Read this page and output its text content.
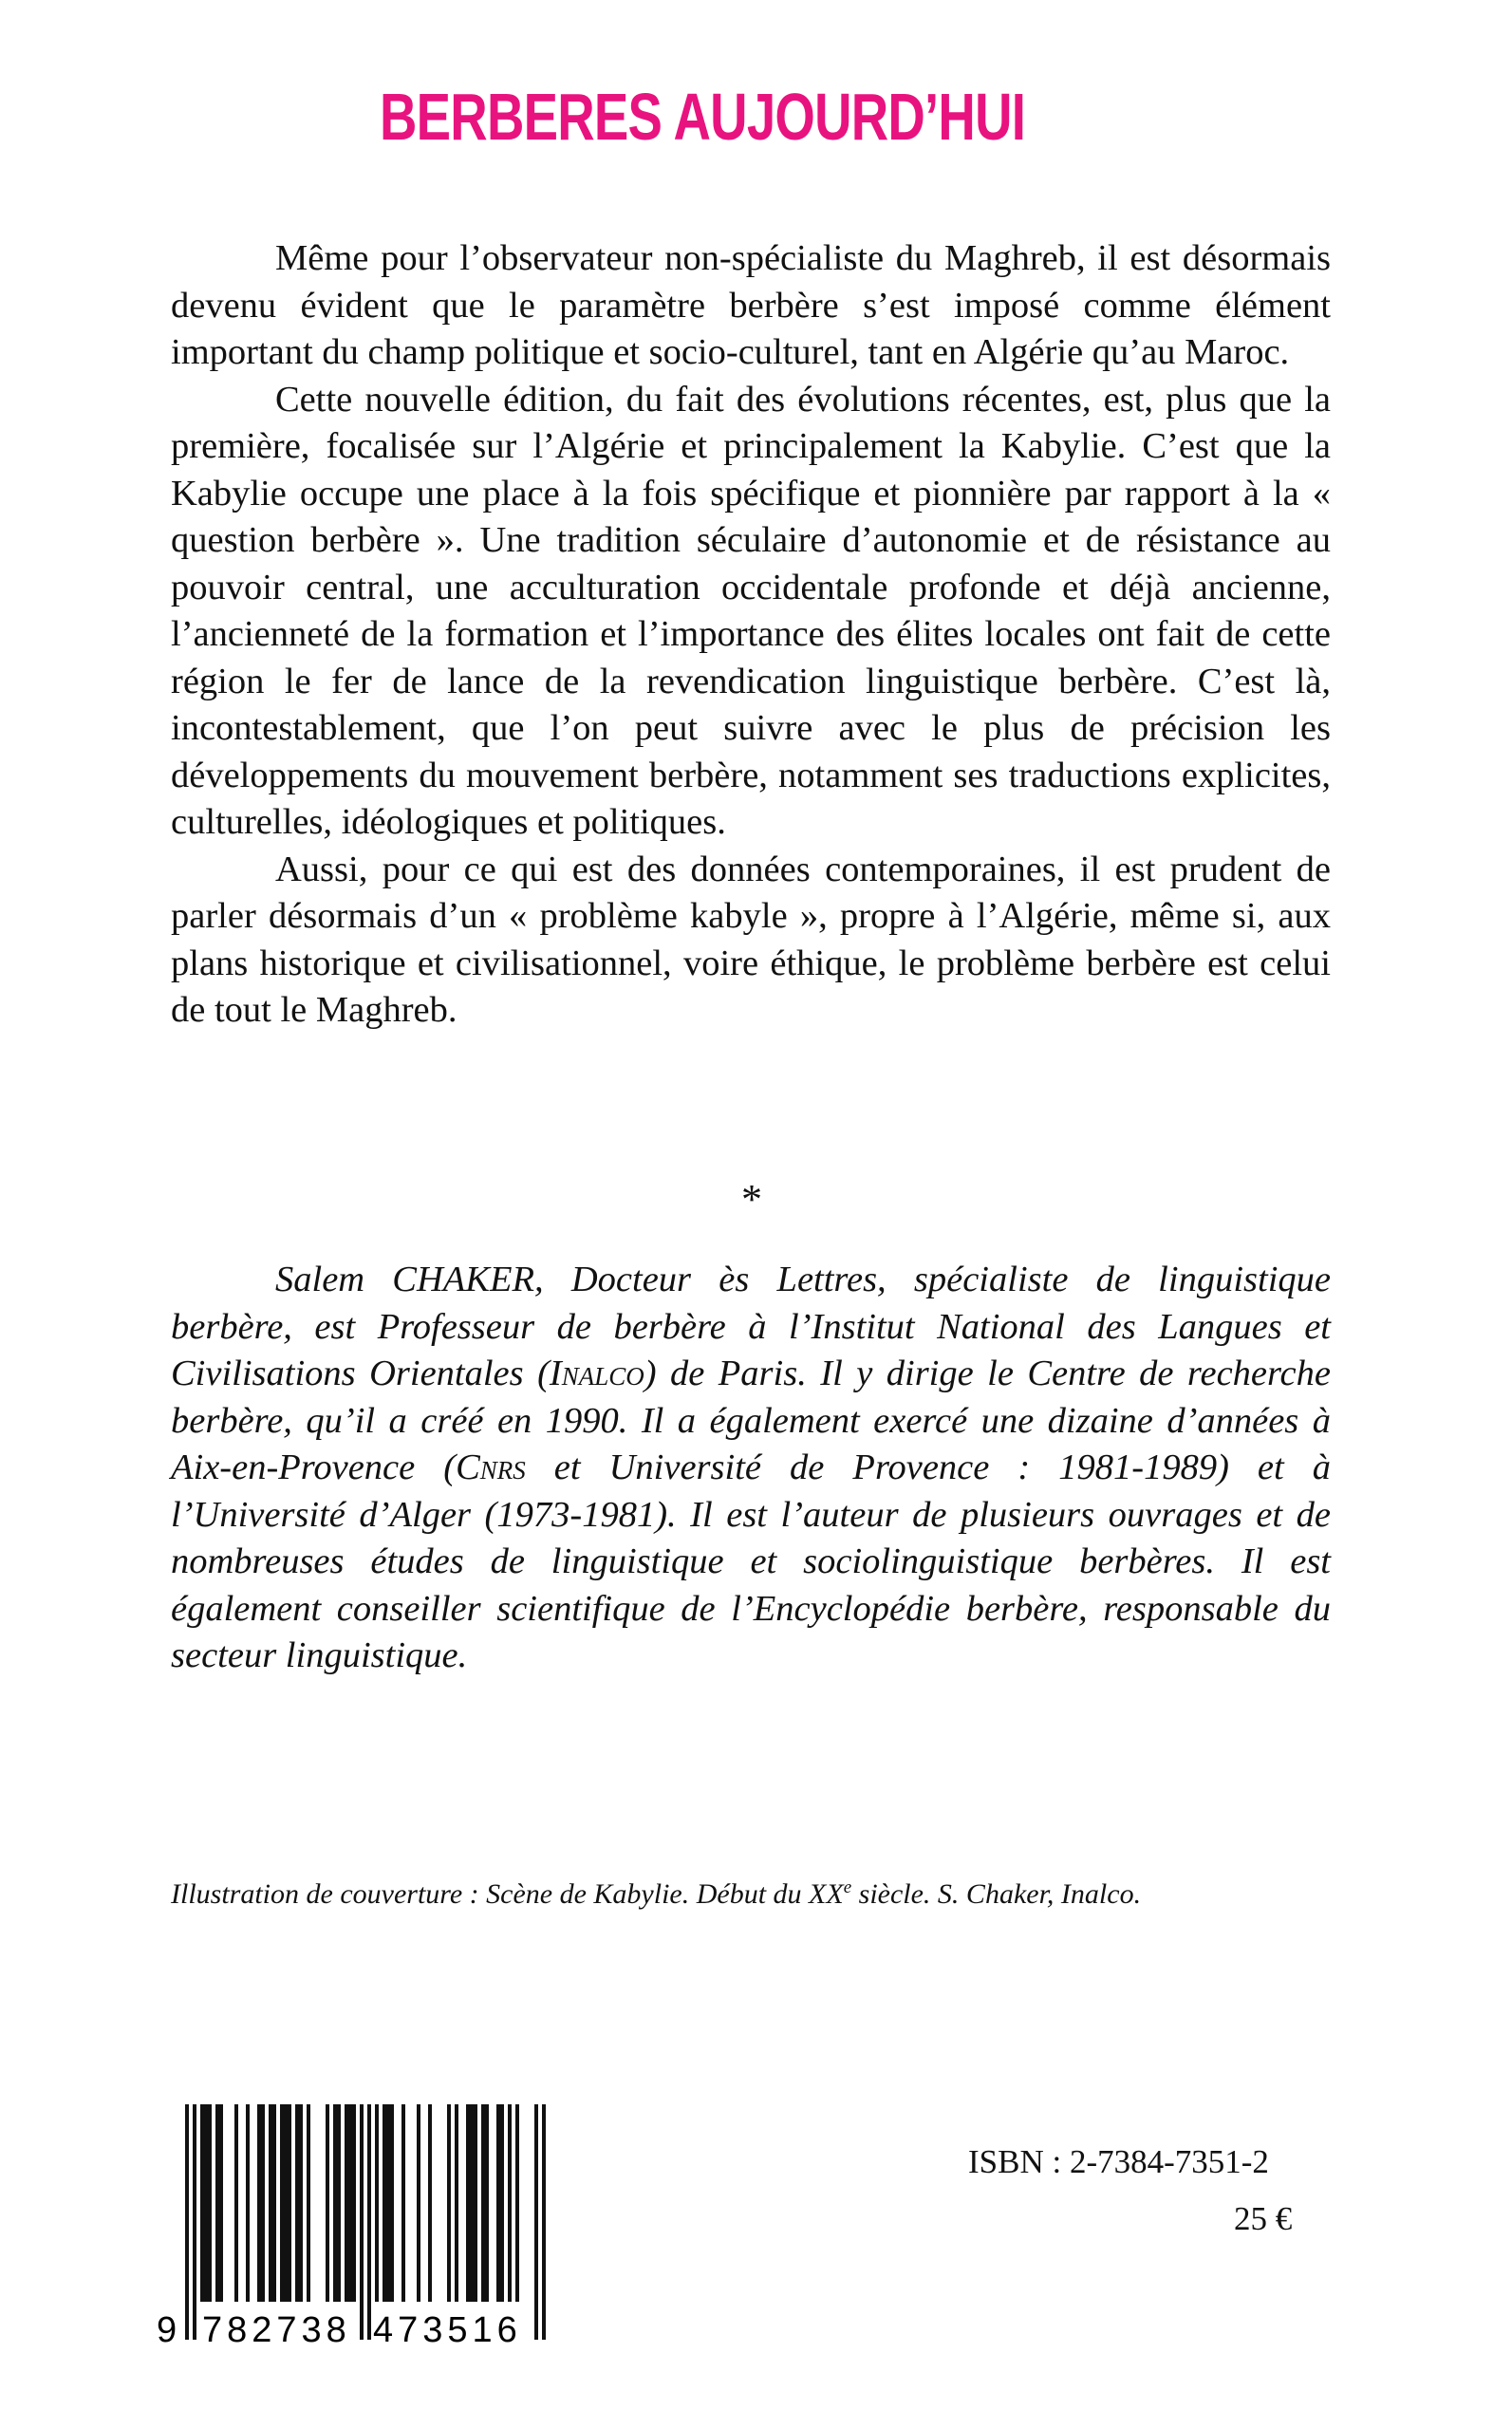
BERBERES AUJOURD’HUI

Même pour l’observateur non-spécialiste du Maghreb, il est désormais devenu évident que le paramètre berbère s’est imposé comme élément important du champ politique et socio-culturel, tant en Algérie qu’au Maroc.

Cette nouvelle édition, du fait des évolutions récentes, est, plus que la première, focalisée sur l’Algérie et principalement la Kabylie. C’est que la Kabylie occupe une place à la fois spécifique et pionnière par rapport à la « question berbère ». Une tradition séculaire d’autonomie et de résistance au pouvoir central, une acculturation occidentale profonde et déjà ancienne, l’ancienneté de la formation et l’importance des élites locales ont fait de cette région le fer de lance de la revendication linguistique berbère. C’est là, incontestablement, que l’on peut suivre avec le plus de précision les développements du mouvement berbère, notamment ses traductions explicites, culturelles, idéologiques et politiques.

Aussi, pour ce qui est des données contemporaines, il est prudent de parler désormais d’un « problème kabyle », propre à l’Algérie, même si, aux plans historique et civilisationnel, voire éthique, le problème berbère est celui de tout le Maghreb.

*

Salem CHAKER, Docteur ès Lettres, spécialiste de linguistique berbère, est Professeur de berbère à l’Institut National des Langues et Civilisations Orientales (Inalco) de Paris. Il y dirige le Centre de recherche berbère, qu’il a créé en 1990. Il a également exercé une dizaine d’années à Aix-en-Provence (Cnrs et Université de Provence : 1981-1989) et à l’Université d’Alger (1973-1981). Il est l’auteur de plusieurs ouvrages et de nombreuses études de linguistique et sociolinguistique berbères. Il est également conseiller scientifique de l’Encyclopédie berbère, responsable du secteur linguistique.

Illustration de couverture : Scène de Kabylie. Début du XXe siècle. S. Chaker, Inalco.
9 782738 473516
ISBN : 2-7384-7351-2
25 €
